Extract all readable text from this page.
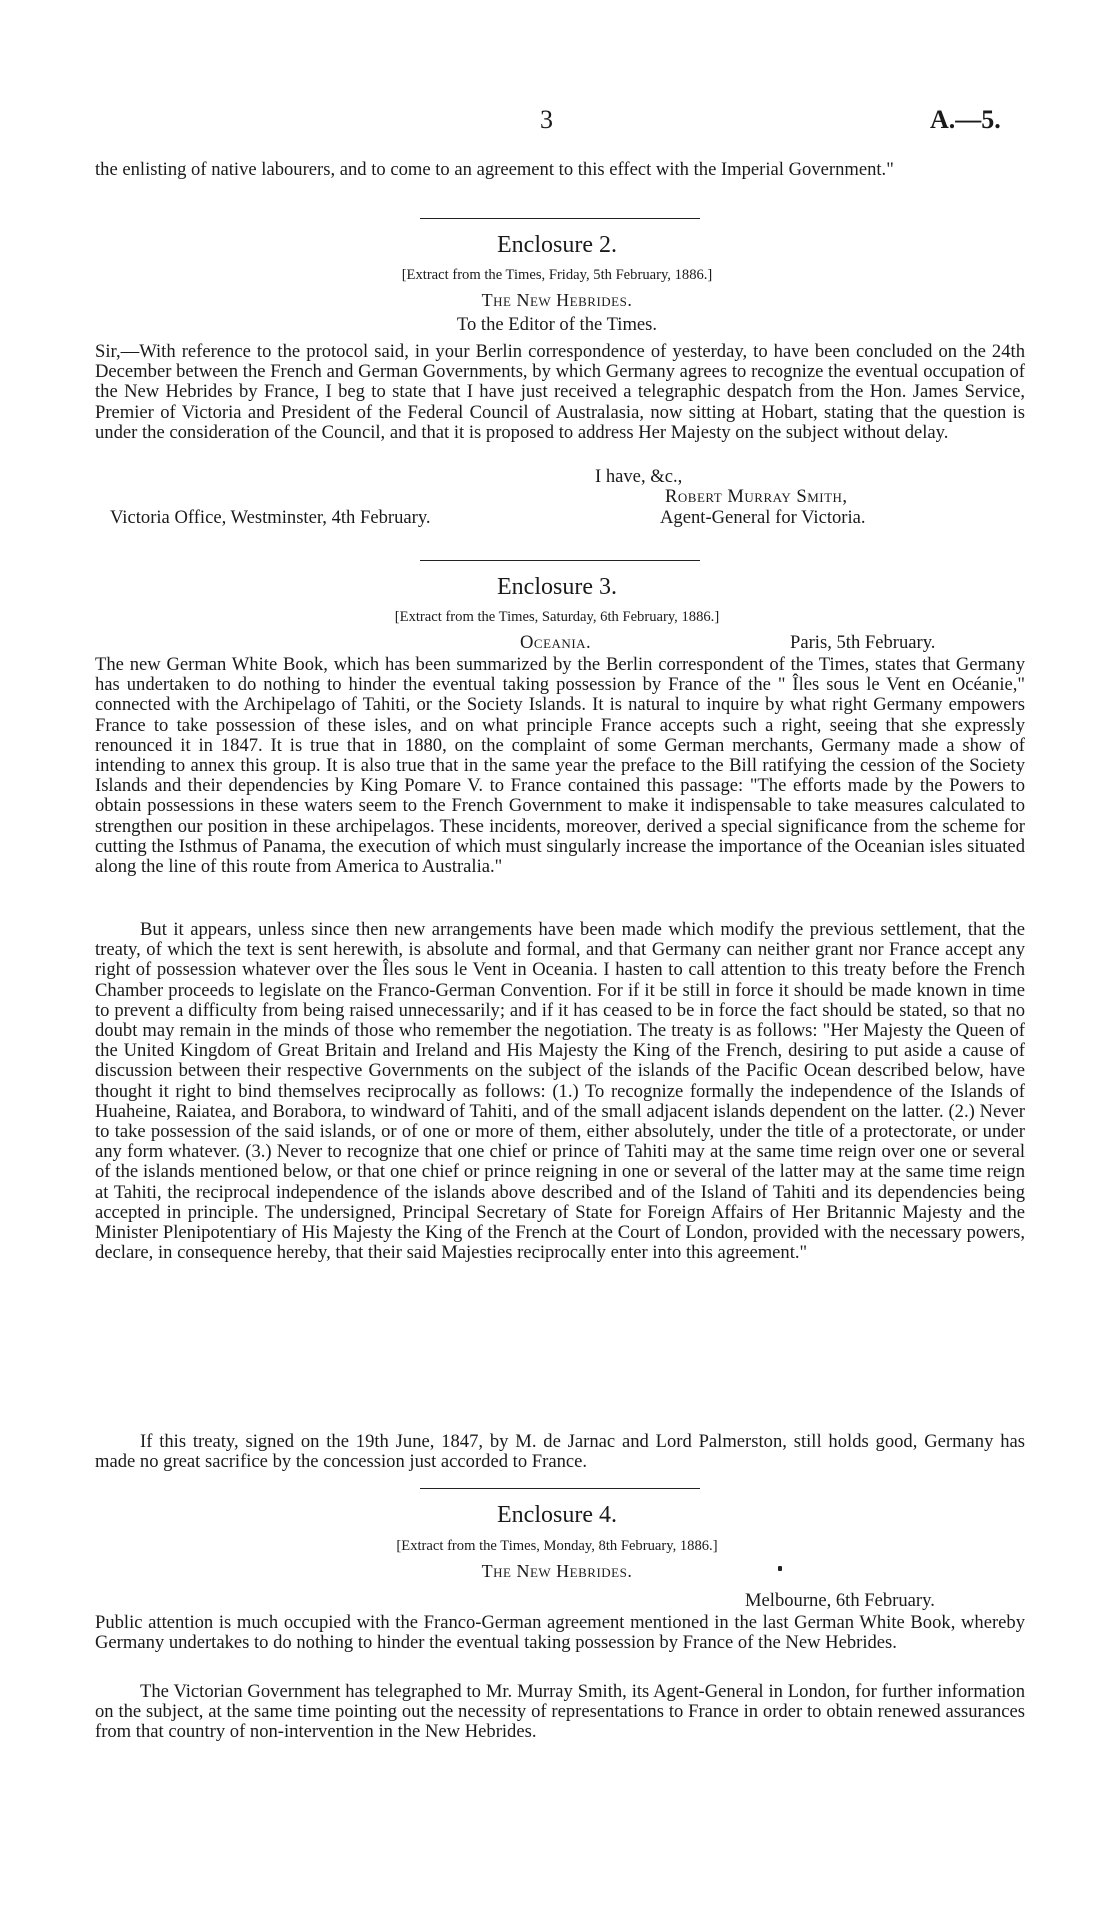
3	A.—5.

the enlisting of native labourers, and to come to an agreement to this effect with the Imperial Government."

Enclosure 2.
[Extract from the Times, Friday, 5th February, 1886.]
The New Hebrides.
To the Editor of the Times.

Sir,—With reference to the protocol said, in your Berlin correspondence of yesterday, to have been concluded on the 24th December between the French and German Governments, by which Germany agrees to recognize the eventual occupation of the New Hebrides by France, I beg to state that I have just received a telegraphic despatch from the Hon. James Service, Premier of Victoria and President of the Federal Council of Australasia, now sitting at Hobart, stating that the question is under the consideration of the Council, and that it is proposed to address Her Majesty on the subject without delay.

I have, &c.,
Robert Murray Smith,
Victoria Office, Westminster, 4th February.	Agent-General for Victoria.
Enclosure 3.
[Extract from the Times, Saturday, 6th February, 1886.]
Oceania.	Paris, 5th February.

The new German White Book, which has been summarized by the Berlin correspondent of the Times, states that Germany has undertaken to do nothing to hinder the eventual taking possession by France of the " Îles sous le Vent en Océanie," connected with the Archipelago of Tahiti, or the Society Islands. It is natural to inquire by what right Germany empowers France to take possession of these isles, and on what principle France accepts such a right, seeing that she expressly renounced it in 1847. It is true that in 1880, on the complaint of some German merchants, Germany made a show of intending to annex this group. It is also true that in the same year the preface to the Bill ratifying the cession of the Society Islands and their dependencies by King Pomare V. to France contained this passage: "The efforts made by the Powers to obtain possessions in these waters seem to the French Government to make it indispensable to take measures calculated to strengthen our position in these archipelagos. These incidents, moreover, derived a special significance from the scheme for cutting the Isthmus of Panama, the execution of which must singularly increase the importance of the Oceanian isles situated along the line of this route from America to Australia."

But it appears, unless since then new arrangements have been made which modify the previous settlement, that the treaty, of which the text is sent herewith, is absolute and formal, and that Germany can neither grant nor France accept any right of possession whatever over the Îles sous le Vent in Oceania. I hasten to call attention to this treaty before the French Chamber proceeds to legislate on the Franco-German Convention. For if it be still in force it should be made known in time to prevent a difficulty from being raised unnecessarily; and if it has ceased to be in force the fact should be stated, so that no doubt may remain in the minds of those who remember the negotiation. The treaty is as follows: "Her Majesty the Queen of the United Kingdom of Great Britain and Ireland and His Majesty the King of the French, desiring to put aside a cause of discussion between their respective Governments on the subject of the islands of the Pacific Ocean described below, have thought it right to bind themselves reciprocally as follows: (1.) To recognize formally the independence of the Islands of Huaheine, Raiatea, and Borabora, to windward of Tahiti, and of the small adjacent islands dependent on the latter. (2.) Never to take possession of the said islands, or of one or more of them, either absolutely, under the title of a protectorate, or under any form whatever. (3.) Never to recognize that one chief or prince of Tahiti may at the same time reign over one or several of the islands mentioned below, or that one chief or prince reigning in one or several of the latter may at the same time reign at Tahiti, the reciprocal independence of the islands above described and of the Island of Tahiti and its dependencies being accepted in principle. The undersigned, Principal Secretary of State for Foreign Affairs of Her Britannic Majesty and the Minister Plenipotentiary of His Majesty the King of the French at the Court of London, provided with the necessary powers, declare, in consequence hereby, that their said Majesties reciprocally enter into this agreement."

If this treaty, signed on the 19th June, 1847, by M. de Jarnac and Lord Palmerston, still holds good, Germany has made no great sacrifice by the concession just accorded to France.

Enclosure 4.
[Extract from the Times, Monday, 8th February, 1886.]
The New Hebrides.
Melbourne, 6th February.

Public attention is much occupied with the Franco-German agreement mentioned in the last German White Book, whereby Germany undertakes to do nothing to hinder the eventual taking possession by France of the New Hebrides.

The Victorian Government has telegraphed to Mr. Murray Smith, its Agent-General in London, for further information on the subject, at the same time pointing out the necessity of representations to France in order to obtain renewed assurances from that country of non-intervention in the New Hebrides.
